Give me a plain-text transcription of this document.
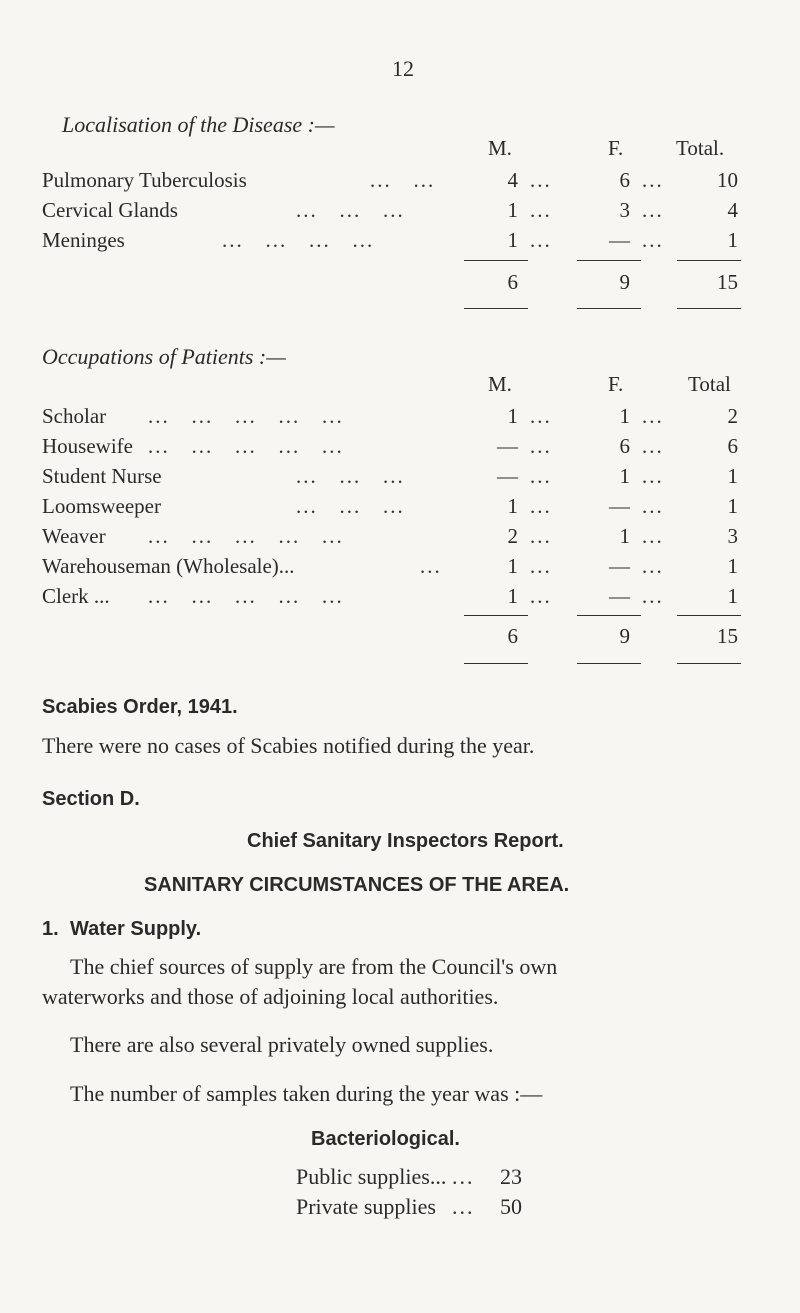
12
Localisation of the Disease :—
M.	F.	Total.
Pulmonary Tuberculosis	...   ...	4 ...	6 ...	10
Cervical Glands	...   ...   ...	1 ...	3 ...	4
Meninges	...   ...   ...   ...	1 ...	— ...	1
6	9	15
Occupations of Patients :—
M.	F.	Total
Scholar ...   ...   ...   ...   ...	1 ...	1 ...	2
Housewife ...   ...   ...   ...   ...	— ...	6 ...	6
Student Nurse	...   ...   ...	— ...	1 ...	1
Loomsweeper	...   ...   ...	1 ...	— ...	1
Weaver ...   ...   ...   ...   ...	2 ...	1 ...	3
Warehouseman (Wholesale)...	...	1 ...	— ...	1
Clerk ... ...   ...   ...   ...   ...	1 ...	— ...	1
6	9	15
Scabies Order, 1941.
There were no cases of Scabies notified during the year.
Section D.
Chief Sanitary Inspectors Report.
SANITARY CIRCUMSTANCES OF THE AREA.
1. Water Supply.
The chief sources of supply are from the Council's own
waterworks and those of adjoining local authorities.
There are also several privately owned supplies.
The number of samples taken during the year was :—
Bacteriological.
Public supplies... ... 23
Private supplies ... 50
